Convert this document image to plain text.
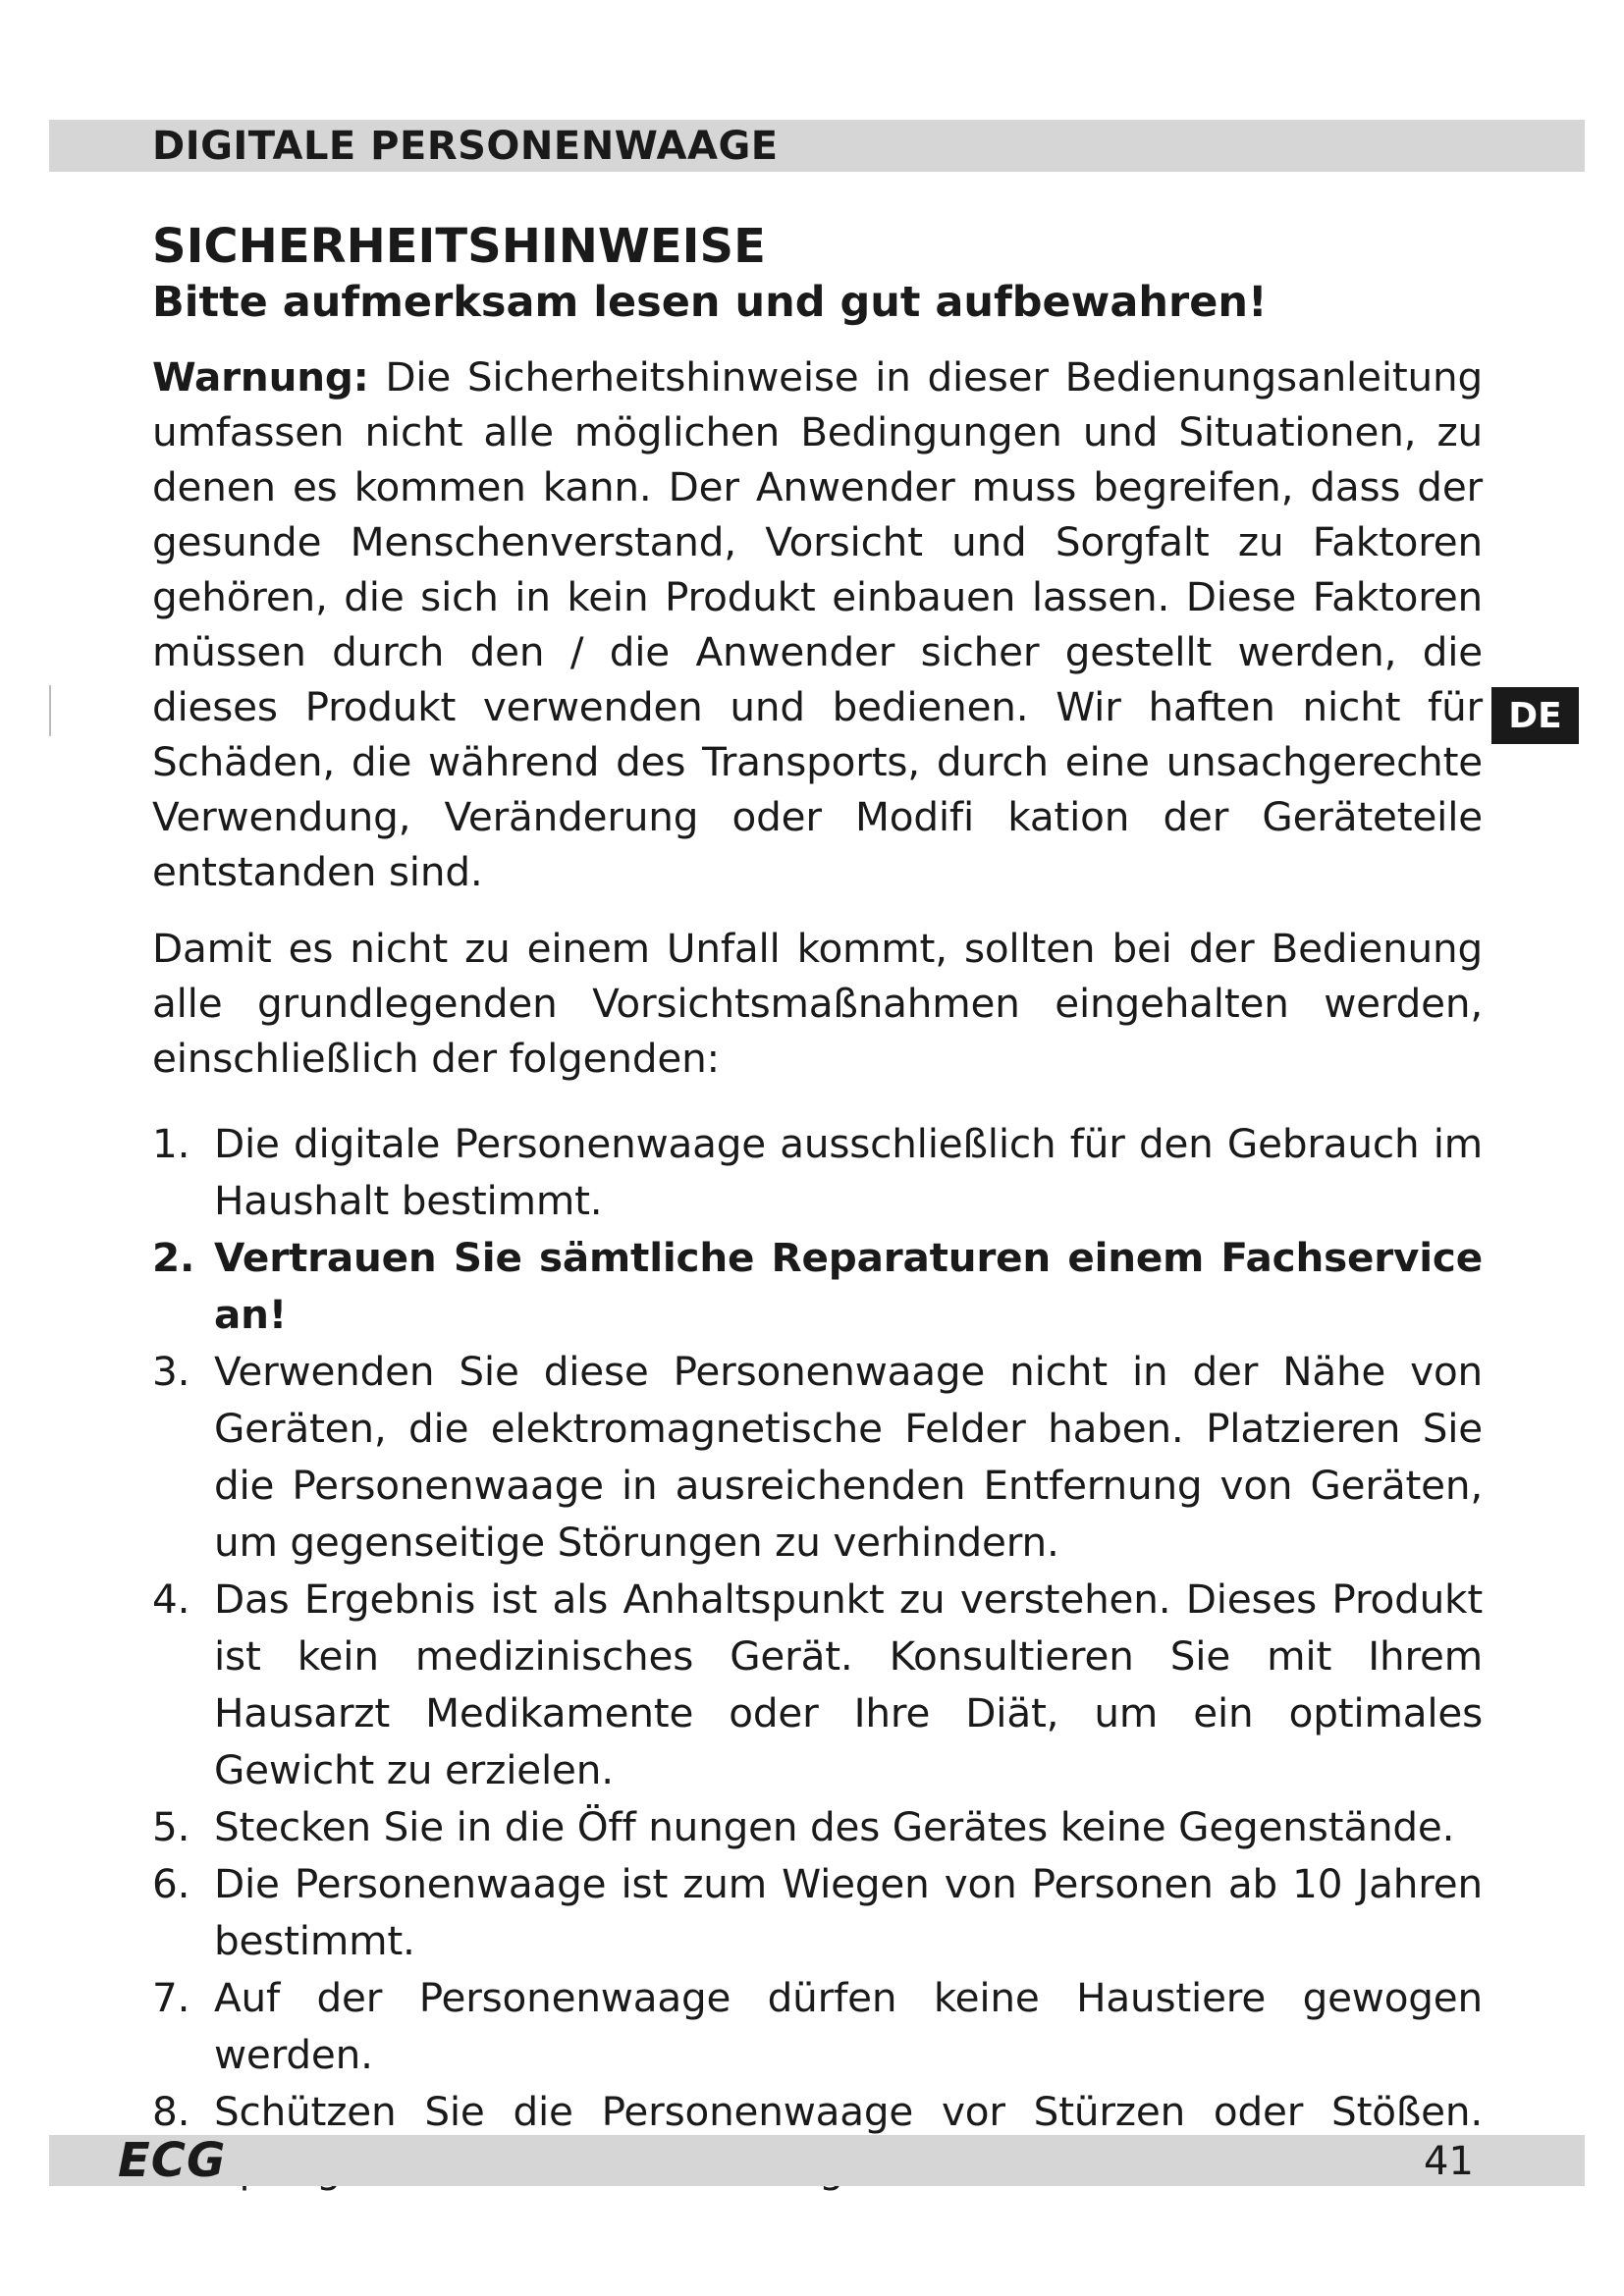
DIGITALE PERSONENWAAGE
DE
SICHERHEITSHINWEISE
Bitte aufmerksam lesen und gut aufbewahren!

Warnung: Die Sicherheitshinweise in dieser Bedienungsanleitung umfassen nicht alle möglichen Bedingungen und Situationen, zu denen es kommen kann. Der Anwender muss begreifen, dass der gesunde Menschenverstand, Vorsicht und Sorgfalt zu Faktoren gehören, die sich in kein Produkt einbauen lassen. Diese Faktoren müssen durch den / die Anwender sicher gestellt werden, die dieses Produkt verwenden und bedienen. Wir haften nicht für Schäden, die während des Transports, durch eine unsachgerechte Verwendung, Veränderung oder Modifi kation der Geräteteile entstanden sind.

Damit es nicht zu einem Unfall kommt, sollten bei der Bedienung alle grundlegenden Vorsichtsmaßnahmen eingehalten werden, einschließlich der folgenden:

1. Die digitale Personenwaage ausschließlich für den Gebrauch im Haushalt bestimmt.
2. Vertrauen Sie sämtliche Reparaturen einem Fachservice an!
3. Verwenden Sie diese Personenwaage nicht in der Nähe von Geräten, die elektromagnetische Felder haben. Platzieren Sie die Personenwaage in ausreichenden Entfernung von Geräten, um gegenseitige Störungen zu verhindern.
4. Das Ergebnis ist als Anhaltspunkt zu verstehen. Dieses Produkt ist kein medizinisches Gerät. Konsultieren Sie mit Ihrem Hausarzt Medikamente oder Ihre Diät, um ein optimales Gewicht zu erzielen.
5. Stecken Sie in die Öff nungen des Gerätes keine Gegenstände.
6. Die Personenwaage ist zum Wiegen von Personen ab 10 Jahren bestimmt.
7. Auf der Personenwaage dürfen keine Haustiere gewogen werden.
8. Schützen Sie die Personenwaage vor Stürzen oder Stößen.
ECG	41
